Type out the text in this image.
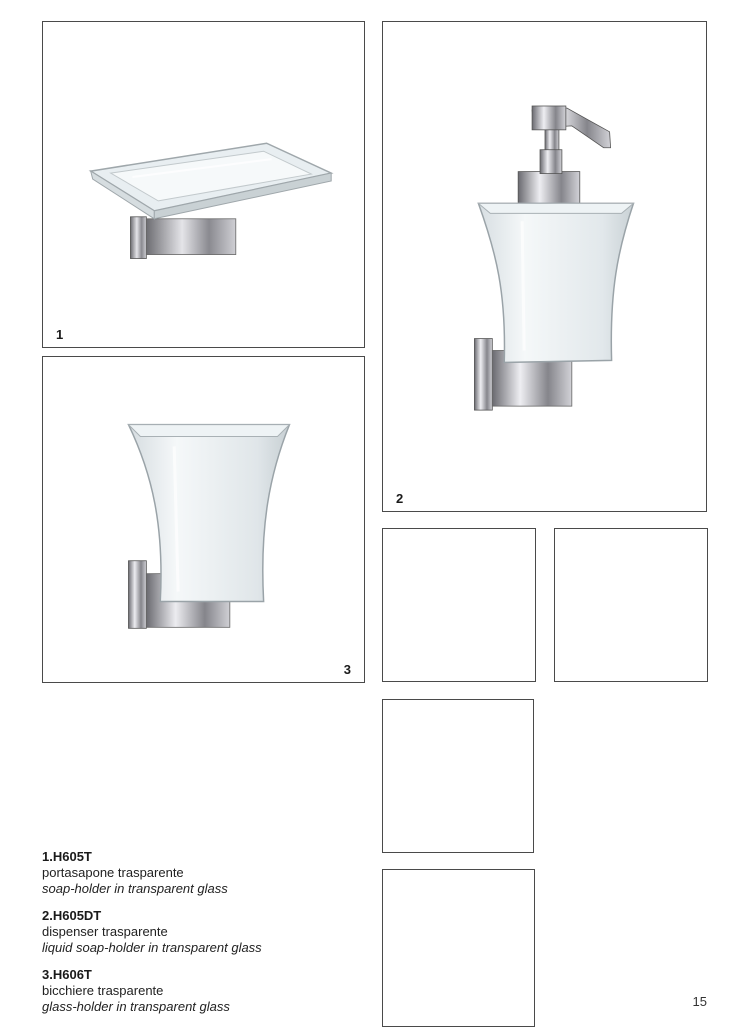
1
2
3
1.H605T
portasapone trasparente
soap-holder in transparent glass
2.H605DT
dispenser trasparente
liquid soap-holder in transparent glass
3.H606T
bicchiere trasparente
glass-holder in transparent glass	15
